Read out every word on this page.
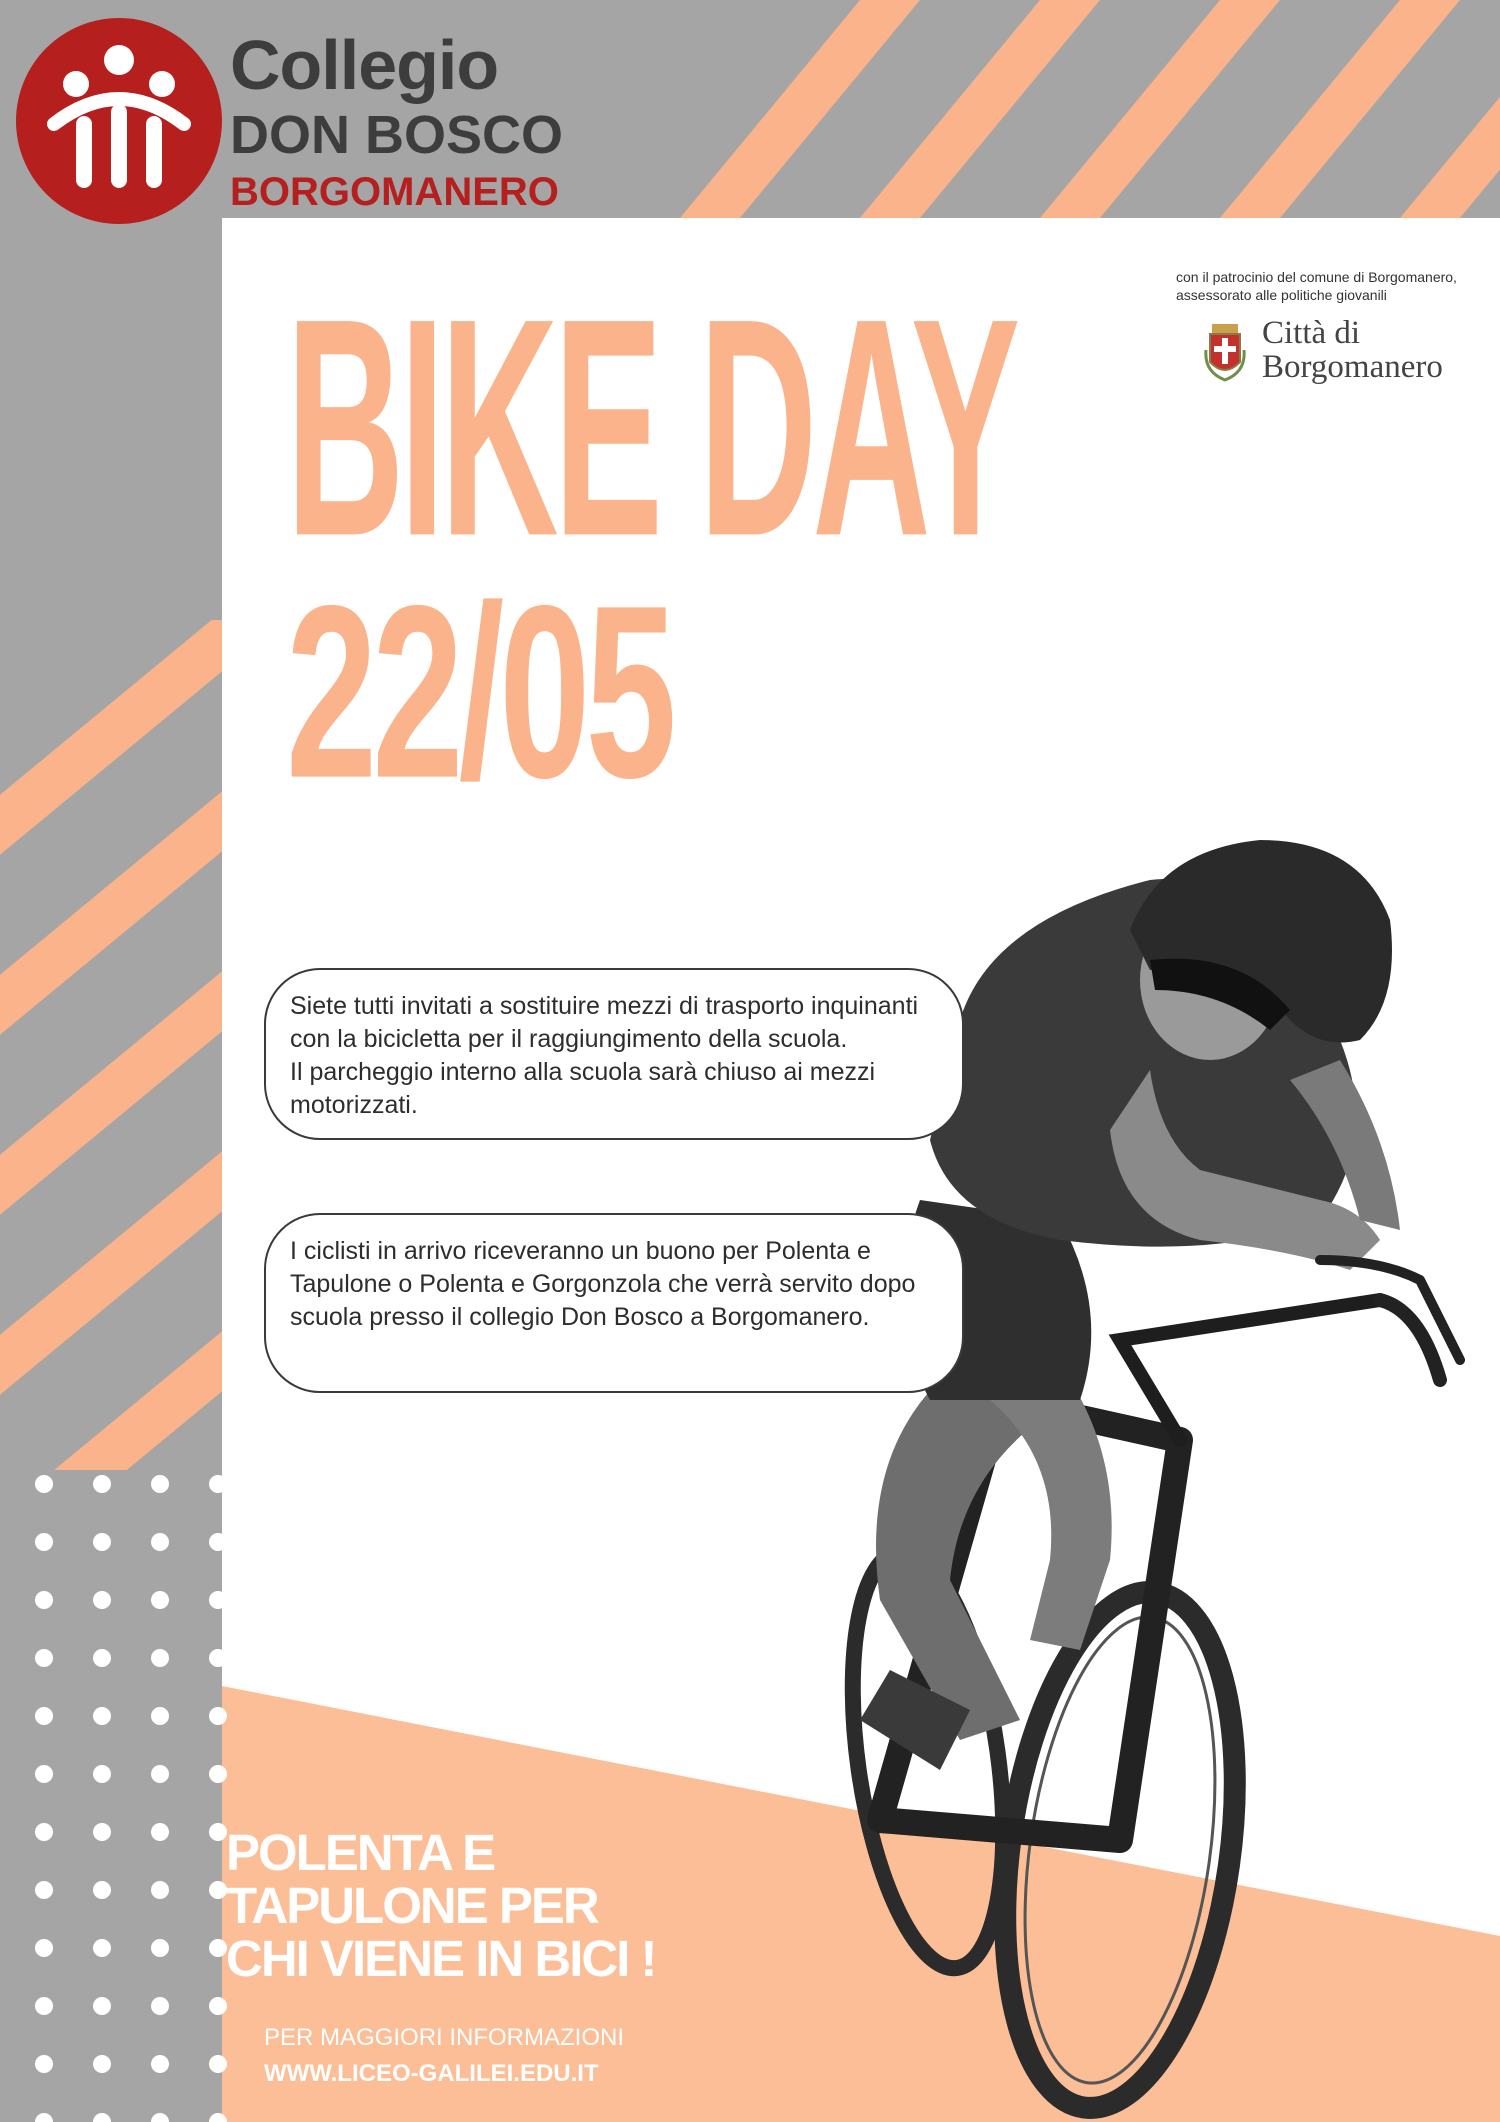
Collegio
DON BOSCO
BORGOMANERO
con il patrocinio del comune di Borgomanero, assessorato alle politiche giovanili
Città di
Borgomanero
BIKE DAY
22/05

Siete tutti invitati a sostituire mezzi di trasporto inquinanti con la bicicletta per il raggiungimento della scuola.

Il parcheggio interno alla scuola sarà chiuso ai mezzi motorizzati.

I ciclisti in arrivo riceveranno un buono per Polenta e Tapulone o Polenta e Gorgonzola che verrà servito dopo scuola presso il collegio Don Bosco a Borgomanero.

POLENTA E
TAPULONE PER
CHI VIENE IN BICI !
PER MAGGIORI INFORMAZIONI
WWW.LICEO-GALILEI.EDU.IT
